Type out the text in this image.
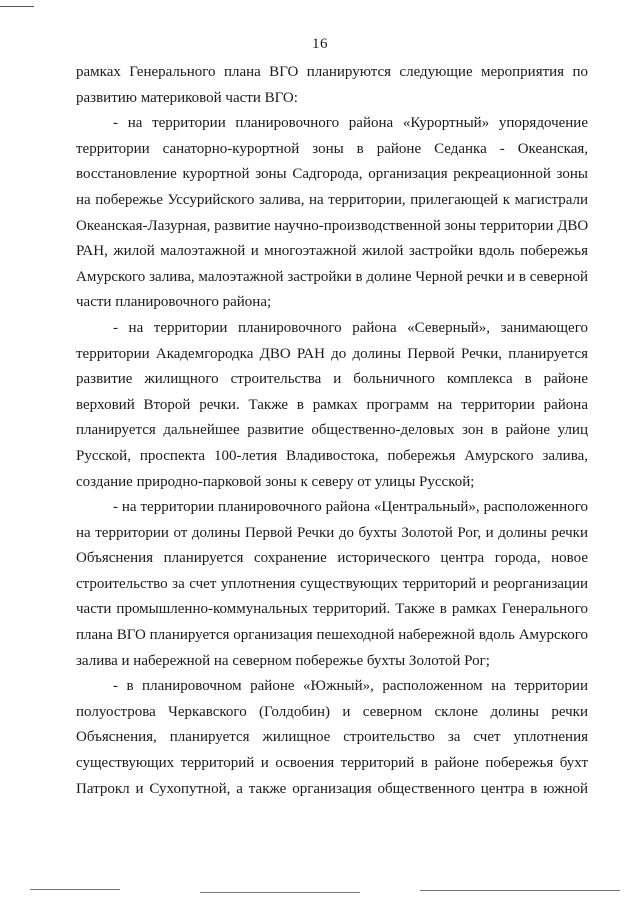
16
рамках Генерального плана ВГО планируются следующие мероприятия по
развитию материковой части ВГО:
- на территории планировочного района «Курортный» упорядочение
территории санаторно-курортной зоны в районе Седанка - Океанская,
восстановление курортной зоны Садгорода, организация рекреационной зоны
на побережье Уссурийского залива, на территории, прилегающей к магистрали
Океанская-Лазурная, развитие научно-производственной зоны территории ДВО
РАН, жилой малоэтажной и многоэтажной жилой застройки вдоль побережья
Амурского залива, малоэтажной застройки в долине Черной речки и в северной
части планировочного района;
- на территории планировочного района «Северный», занимающего
территории Академгородка ДВО РАН до долины Первой Речки, планируется
развитие жилищного строительства и больничного комплекса в районе
верховий Второй речки. Также в рамках программ на территории района
планируется дальнейшее развитие общественно-деловых зон в районе улиц
Русской, проспекта 100-летия Владивостока, побережья Амурского залива,
создание природно-парковой зоны к северу от улицы Русской;
- на территории планировочного района «Центральный», расположенного
на территории от долины Первой Речки до бухты Золотой Рог, и долины речки
Объяснения планируется сохранение исторического центра города, новое
строительство за счет уплотнения существующих территорий и реорганизации
части промышленно-коммунальных территорий. Также в рамках Генерального
плана ВГО планируется организация пешеходной набережной вдоль Амурского
залива и набережной на северном побережье бухты Золотой Рог;
- в планировочном районе «Южный», расположенном на территории
полуострова Черкавского (Голдобин) и северном склоне долины речки
Объяснения, планируется жилищное строительство за счет уплотнения
существующих территорий и освоения территорий в районе побережья бухт
Патрокл и Сухопутной, а также организация общественного центра в южной
